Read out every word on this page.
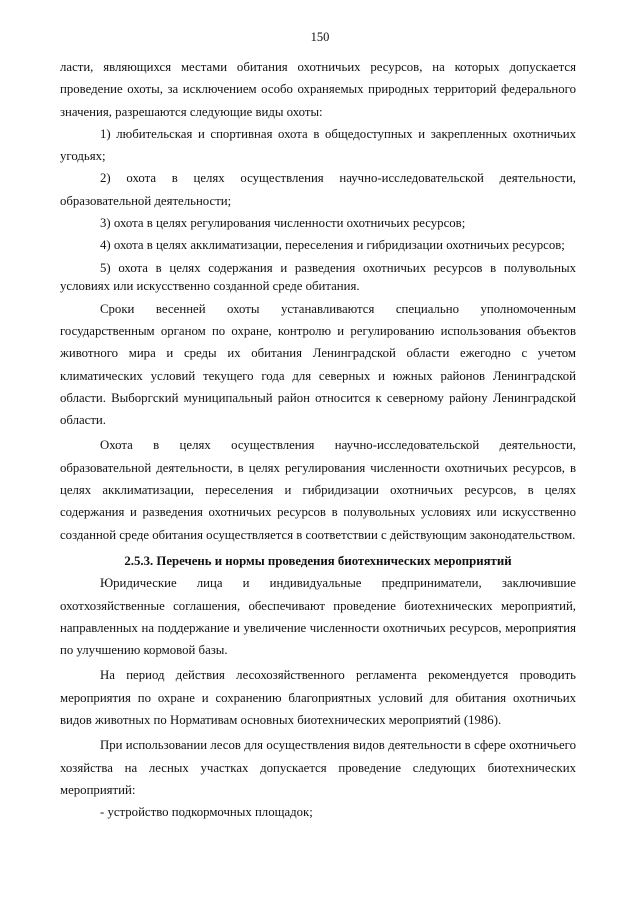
150

ласти, являющихся местами обитания охотничьих ресурсов, на которых допускается проведение охоты, за исключением особо охраняемых природных территорий федерального значения, разрешаются следующие виды охоты:

1) любительская и спортивная охота в общедоступных и закрепленных охотничьих угодьях;

2) охота в целях осуществления научно-исследовательской деятельности, образовательной деятельности;

3) охота в целях регулирования численности охотничьих ресурсов;

4) охота в целях акклиматизации, переселения и гибридизации охотничьих ресурсов;

5) охота в целях содержания и разведения охотничьих ресурсов в полувольных условиях или искусственно созданной среде обитания.

Сроки весенней охоты устанавливаются специально уполномоченным государственным органом по охране, контролю и регулированию использования объектов животного мира и среды их обитания Ленинградской области ежегодно с учетом климатических условий текущего года для северных и южных районов Ленинградской области. Выборгский муниципальный район относится к северному району Ленинградской области.

Охота в целях осуществления научно-исследовательской деятельности, образовательной деятельности, в целях регулирования численности охотничьих ресурсов, в целях акклиматизации, переселения и гибридизации охотничьих ресурсов, в целях содержания и разведения охотничьих ресурсов в полувольных условиях или искусственно созданной среде обитания осуществляется в соответствии с действующим законодательством.

2.5.3. Перечень и нормы проведения биотехнических мероприятий

Юридические лица и индивидуальные предприниматели, заключившие охотхозяйственные соглашения, обеспечивают проведение биотехнических мероприятий, направленных на поддержание и увеличение численности охотничьих ресурсов, мероприятия по улучшению кормовой базы.

На период действия лесохозяйственного регламента рекомендуется проводить мероприятия по охране и сохранению благоприятных условий для обитания охотничьих видов животных по Нормативам основных биотехнических мероприятий (1986).

При использовании лесов для осуществления видов деятельности в сфере охотничьего хозяйства на лесных участках допускается проведение следующих биотехнических мероприятий:

- устройство подкормочных площадок;
